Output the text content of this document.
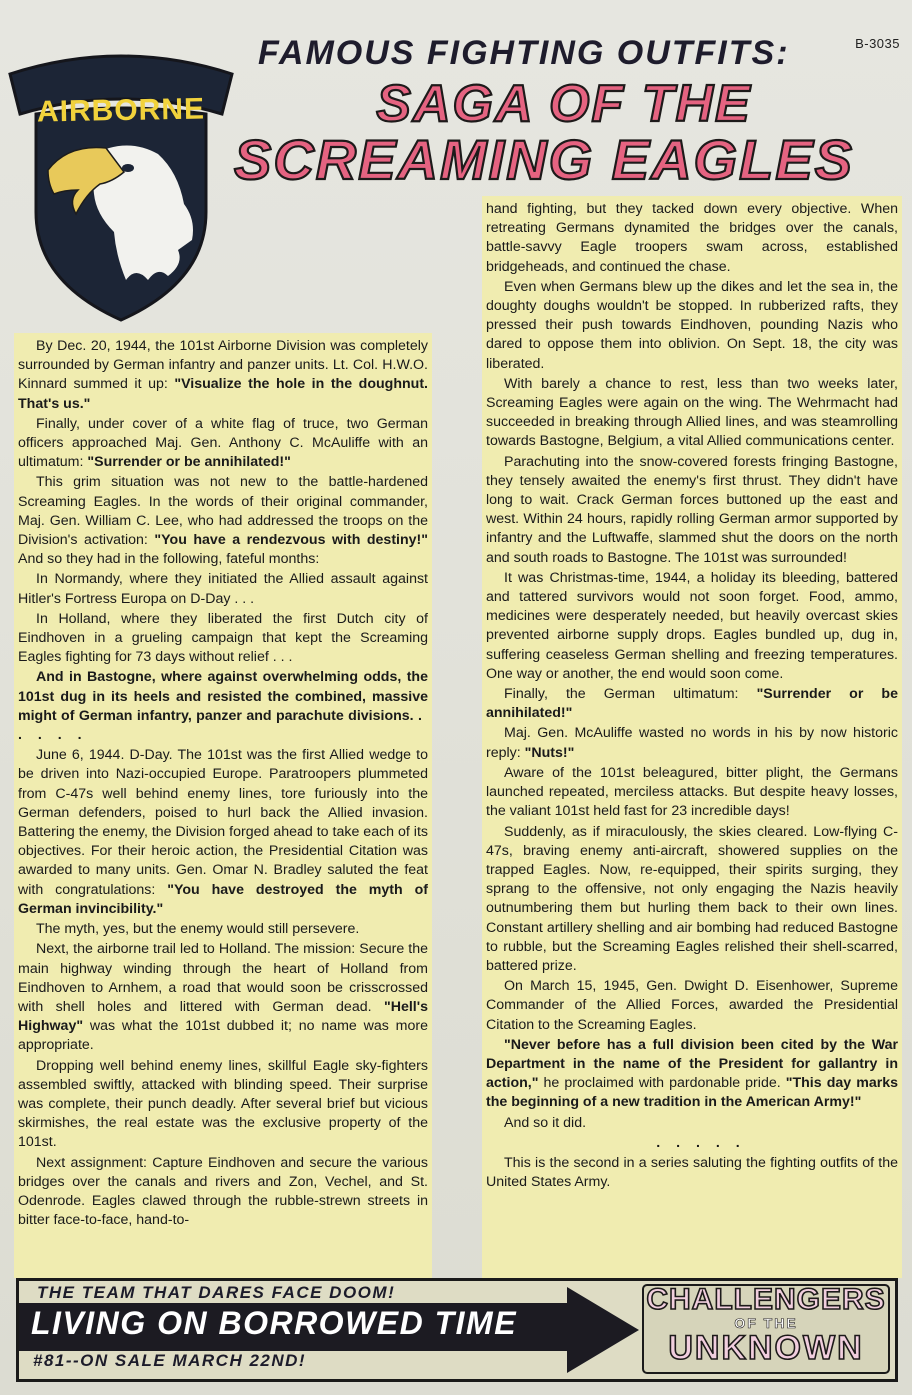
B-3035
AIRBORNE
FAMOUS FIGHTING OUTFITS:
SAGA OF THE
SCREAMING EAGLES

By Dec. 20, 1944, the 101st Airborne Division was completely surrounded by German infantry and panzer units. Lt. Col. H.W.O. Kinnard summed it up: "Visualize the hole in the doughnut. That's us."

Finally, under cover of a white flag of truce, two German officers approached Maj. Gen. Anthony C. McAuliffe with an ultimatum: "Surrender or be annihilated!"

This grim situation was not new to the battle-hardened Screaming Eagles. In the words of their original commander, Maj. Gen. William C. Lee, who had addressed the troops on the Division's activation: "You have a rendezvous with destiny!" And so they had in the following, fateful months:

In Normandy, where they initiated the Allied assault against Hitler's Fortress Europa on D-Day . . .

In Holland, where they liberated the first Dutch city of Eindhoven in a grueling campaign that kept the Screaming Eagles fighting for 73 days without relief . . .

And in Bastogne, where against overwhelming odds, the 101st dug in its heels and resisted the combined, massive might of German infantry, panzer and parachute divisions. . . . . .

June 6, 1944. D-Day. The 101st was the first Allied wedge to be driven into Nazi-occupied Europe. Paratroopers plummeted from C-47s well behind enemy lines, tore furiously into the German defenders, poised to hurl back the Allied invasion. Battering the enemy, the Division forged ahead to take each of its objectives. For their heroic action, the Presidential Citation was awarded to many units. Gen. Omar N. Bradley saluted the feat with congratulations: "You have destroyed the myth of German invincibility."

The myth, yes, but the enemy would still persevere.

Next, the airborne trail led to Holland. The mission: Secure the main highway winding through the heart of Holland from Eindhoven to Arnhem, a road that would soon be crisscrossed with shell holes and littered with German dead. "Hell's Highway" was what the 101st dubbed it; no name was more appropriate.

Dropping well behind enemy lines, skillful Eagle sky-fighters assembled swiftly, attacked with blinding speed. Their surprise was complete, their punch deadly. After several brief but vicious skirmishes, the real estate was the exclusive property of the 101st.

Next assignment: Capture Eindhoven and secure the various bridges over the canals and rivers and Zon, Vechel, and St. Odenrode. Eagles clawed through the rubble-strewn streets in bitter face-to-face, hand-to-

hand fighting, but they tacked down every objective. When retreating Germans dynamited the bridges over the canals, battle-savvy Eagle troopers swam across, established bridgeheads, and continued the chase.

Even when Germans blew up the dikes and let the sea in, the doughty doughs wouldn't be stopped. In rubberized rafts, they pressed their push towards Eindhoven, pounding Nazis who dared to oppose them into oblivion. On Sept. 18, the city was liberated.

With barely a chance to rest, less than two weeks later, Screaming Eagles were again on the wing. The Wehrmacht had succeeded in breaking through Allied lines, and was steamrolling towards Bastogne, Belgium, a vital Allied communications center.

Parachuting into the snow-covered forests fringing Bastogne, they tensely awaited the enemy's first thrust. They didn't have long to wait. Crack German forces buttoned up the east and west. Within 24 hours, rapidly rolling German armor supported by infantry and the Luftwaffe, slammed shut the doors on the north and south roads to Bastogne. The 101st was surrounded!

It was Christmas-time, 1944, a holiday its bleeding, battered and tattered survivors would not soon forget. Food, ammo, medicines were desperately needed, but heavily overcast skies prevented airborne supply drops. Eagles bundled up, dug in, suffering ceaseless German shelling and freezing temperatures. One way or another, the end would soon come.

Finally, the German ultimatum: "Surrender or be annihilated!"

Maj. Gen. McAuliffe wasted no words in his by now historic reply: "Nuts!"

Aware of the 101st beleagured, bitter plight, the Germans launched repeated, merciless attacks. But despite heavy losses, the valiant 101st held fast for 23 incredible days!

Suddenly, as if miraculously, the skies cleared. Low-flying C-47s, braving enemy anti-aircraft, showered supplies on the trapped Eagles. Now, re-equipped, their spirits surging, they sprang to the offensive, not only engaging the Nazis heavily outnumbering them but hurling them back to their own lines. Constant artillery shelling and air bombing had reduced Bastogne to rubble, but the Screaming Eagles relished their shell-scarred, battered prize.

On March 15, 1945, Gen. Dwight D. Eisenhower, Supreme Commander of the Allied Forces, awarded the Presidential Citation to the Screaming Eagles.

"Never before has a full division been cited by the War Department in the name of the President for gallantry in action," he proclaimed with pardonable pride. "This day marks the beginning of a new tradition in the American Army!"

And so it did.

. . . . .

This is the second in a series saluting the fighting outfits of the United States Army.

THE TEAM THAT DARES FACE DOOM!
LIVING ON BORROWED TIME
#81--ON SALE MARCH 22ND!
CHALLENGERS
OF THE
UNKNOWN
